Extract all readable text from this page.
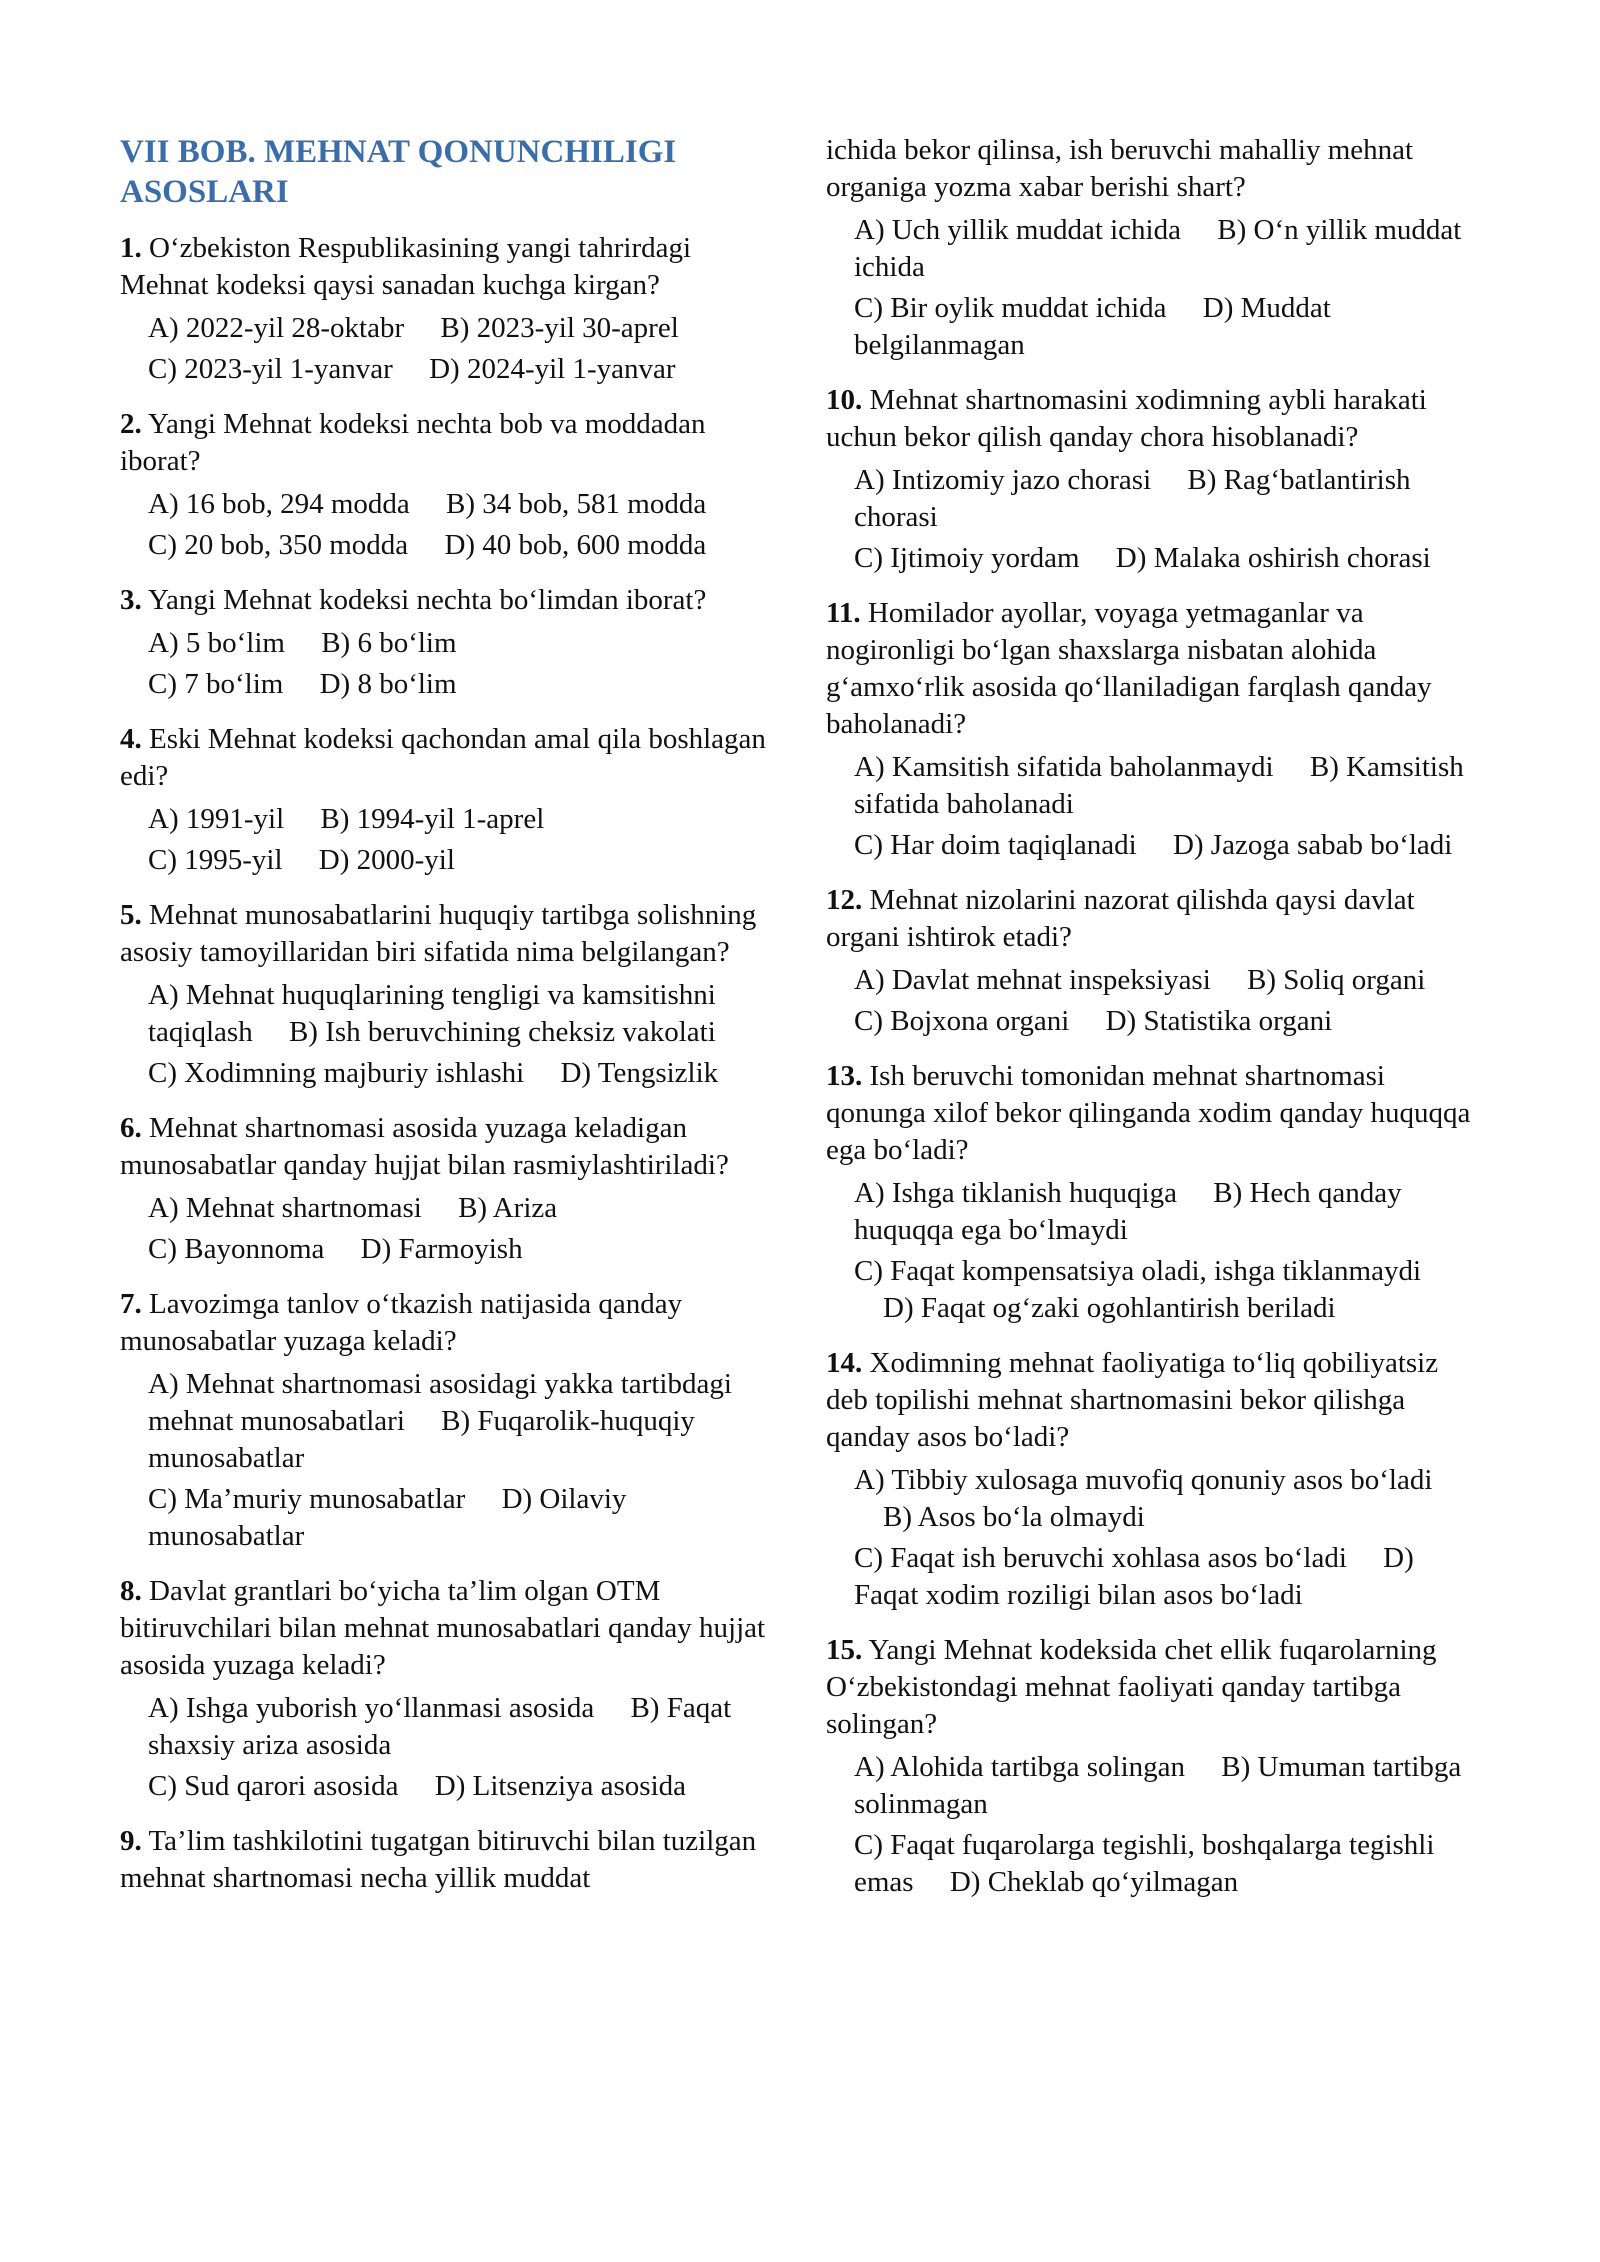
VII BOB. MEHNAT QONUNCHILIGI ASOSLARI

1. O‘zbekiston Respublikasining yangi tahrirdagi Mehnat kodeksi qaysi sanadan kuchga kirgan?

A) 2022-yil 28-oktabr B) 2023-yil 30-aprel
C) 2023-yil 1-yanvar D) 2024-yil 1-yanvar

2. Yangi Mehnat kodeksi nechta bob va moddadan iborat?

A) 16 bob, 294 modda B) 34 bob, 581 modda
C) 20 bob, 350 modda D) 40 bob, 600 modda

3. Yangi Mehnat kodeksi nechta bo‘limdan iborat?

A) 5 bo‘lim B) 6 bo‘lim
C) 7 bo‘lim D) 8 bo‘lim

4. Eski Mehnat kodeksi qachondan amal qila boshlagan edi?

A) 1991-yil B) 1994-yil 1-aprel
C) 1995-yil D) 2000-yil

5. Mehnat munosabatlarini huquqiy tartibga solishning asosiy tamoyillaridan biri sifatida nima belgilangan?

A) Mehnat huquqlarining tengligi va kamsitishni taqiqlash B) Ish beruvchining cheksiz vakolati
C) Xodimning majburiy ishlashi D) Tengsizlik

6. Mehnat shartnomasi asosida yuzaga keladigan munosabatlar qanday hujjat bilan rasmiylashtiriladi?

A) Mehnat shartnomasi B) Ariza
C) Bayonnoma D) Farmoyish

7. Lavozimga tanlov o‘tkazish natijasida qanday munosabatlar yuzaga keladi?

A) Mehnat shartnomasi asosidagi yakka tartibdagi mehnat munosabatlari B) Fuqarolik-huquqiy munosabatlar
C) Ma’muriy munosabatlar D) Oilaviy munosabatlar

8. Davlat grantlari bo‘yicha ta’lim olgan OTM bitiruvchilari bilan mehnat munosabatlari qanday hujjat asosida yuzaga keladi?

A) Ishga yuborish yo‘llanmasi asosida B) Faqat shaxsiy ariza asosida
C) Sud qarori asosida D) Litsenziya asosida

9. Ta’lim tashkilotini tugatgan bitiruvchi bilan tuzilgan mehnat shartnomasi necha yillik muddat

ichida bekor qilinsa, ish beruvchi mahalliy mehnat organiga yozma xabar berishi shart?

A) Uch yillik muddat ichida B) O‘n yillik muddat ichida
C) Bir oylik muddat ichida D) Muddat belgilanmagan

10. Mehnat shartnomasini xodimning aybli harakati uchun bekor qilish qanday chora hisoblanadi?

A) Intizomiy jazo chorasi B) Rag‘batlantirish chorasi
C) Ijtimoiy yordam D) Malaka oshirish chorasi

11. Homilador ayollar, voyaga yetmaganlar va nogironligi bo‘lgan shaxslarga nisbatan alohida g‘amxo‘rlik asosida qo‘llaniladigan farqlash qanday baholanadi?

A) Kamsitish sifatida baholanmaydi B) Kamsitish sifatida baholanadi
C) Har doim taqiqlanadi D) Jazoga sabab bo‘ladi

12. Mehnat nizolarini nazorat qilishda qaysi davlat organi ishtirok etadi?

A) Davlat mehnat inspeksiyasi B) Soliq organi
C) Bojxona organi D) Statistika organi

13. Ish beruvchi tomonidan mehnat shartnomasi qonunga xilof bekor qilinganda xodim qanday huquqqa ega bo‘ladi?

A) Ishga tiklanish huquqiga B) Hech qanday huquqqa ega bo‘lmaydi
C) Faqat kompensatsiya oladi, ishga tiklanmaydi D) Faqat og‘zaki ogohlantirish beriladi

14. Xodimning mehnat faoliyatiga to‘liq qobiliyatsiz deb topilishi mehnat shartnomasini bekor qilishga qanday asos bo‘ladi?

A) Tibbiy xulosaga muvofiq qonuniy asos bo‘ladi B) Asos bo‘la olmaydi
C) Faqat ish beruvchi xohlasa asos bo‘ladi D) Faqat xodim roziligi bilan asos bo‘ladi

15. Yangi Mehnat kodeksida chet ellik fuqarolarning O‘zbekistondagi mehnat faoliyati qanday tartibga solingan?

A) Alohida tartibga solingan B) Umuman tartibga solinmagan
C) Faqat fuqarolarga tegishli, boshqalarga tegishli emas D) Cheklab qo‘yilmagan
